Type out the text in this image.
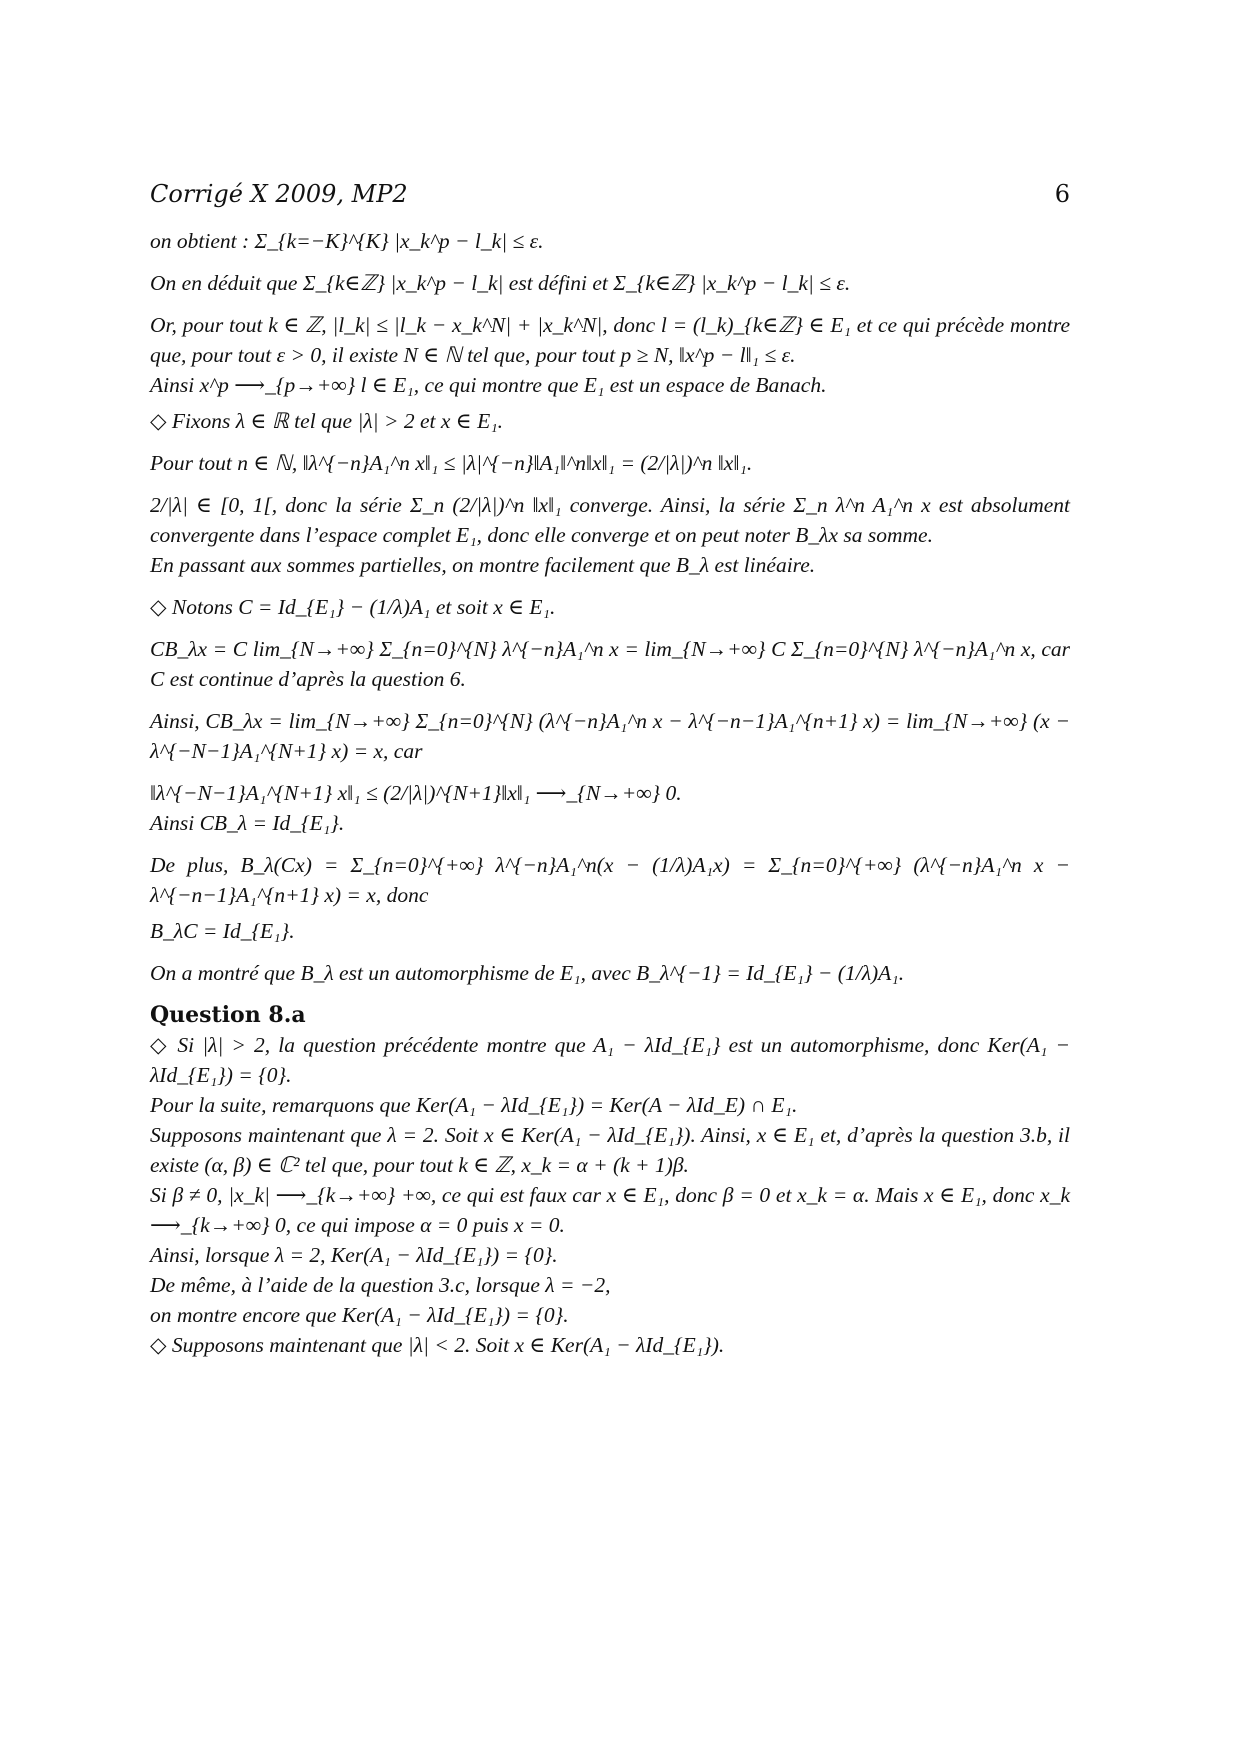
Corrigé X 2009, MP2	6

on obtient : Σ_{k=−K}^{K} |x_k^p − l_k| ≤ ε.

On en déduit que Σ_{k∈ℤ} |x_k^p − l_k| est défini et Σ_{k∈ℤ} |x_k^p − l_k| ≤ ε.

Or, pour tout k ∈ ℤ, |l_k| ≤ |l_k − x_k^N| + |x_k^N|, donc l = (l_k)_{k∈ℤ} ∈ E₁ et ce qui précède montre que, pour tout ε > 0, il existe N ∈ ℕ tel que, pour tout p ≥ N, ‖x^p − l‖₁ ≤ ε.

Ainsi x^p ⟶_{p→+∞} l ∈ E₁, ce qui montre que E₁ est un espace de Banach.

◇ Fixons λ ∈ ℝ tel que |λ| > 2 et x ∈ E₁.

Pour tout n ∈ ℕ, ‖λ^{−n}A₁^n x‖₁ ≤ |λ|^{−n}‖A₁‖^n‖x‖₁ = (2/|λ|)^n ‖x‖₁.

2/|λ| ∈ [0, 1[, donc la série Σ_n (2/|λ|)^n ‖x‖₁ converge. Ainsi, la série Σ_n λ^n A₁^n x est absolument convergente dans l’espace complet E₁, donc elle converge et on peut noter B_λx sa somme.

En passant aux sommes partielles, on montre facilement que B_λ est linéaire.

◇ Notons C = Id_{E₁} − (1/λ)A₁ et soit x ∈ E₁.

CB_λx = C lim_{N→+∞} Σ_{n=0}^{N} λ^{−n}A₁^n x = lim_{N→+∞} C Σ_{n=0}^{N} λ^{−n}A₁^n x, car C est continue d’après la question 6.

Ainsi, CB_λx = lim_{N→+∞} Σ_{n=0}^{N} (λ^{−n}A₁^n x − λ^{−n−1}A₁^{n+1} x) = lim_{N→+∞} (x − λ^{−N−1}A₁^{N+1} x) = x, car

‖λ^{−N−1}A₁^{N+1} x‖₁ ≤ (2/|λ|)^{N+1}‖x‖₁ ⟶_{N→+∞} 0.

Ainsi CB_λ = Id_{E₁}.

De plus, B_λ(Cx) = Σ_{n=0}^{+∞} λ^{−n}A₁^n(x − (1/λ)A₁x) = Σ_{n=0}^{+∞} (λ^{−n}A₁^n x − λ^{−n−1}A₁^{n+1} x) = x, donc

B_λC = Id_{E₁}.

On a montré que B_λ est un automorphisme de E₁, avec B_λ^{−1} = Id_{E₁} − (1/λ)A₁.

Question 8.a

◇ Si |λ| > 2, la question précédente montre que A₁ − λId_{E₁} est un automorphisme, donc Ker(A₁ − λId_{E₁}) = {0}.

Pour la suite, remarquons que Ker(A₁ − λId_{E₁}) = Ker(A − λId_E) ∩ E₁.

Supposons maintenant que λ = 2. Soit x ∈ Ker(A₁ − λId_{E₁}). Ainsi, x ∈ E₁ et, d’après la question 3.b, il existe (α, β) ∈ ℂ² tel que, pour tout k ∈ ℤ, x_k = α + (k + 1)β.

Si β ≠ 0, |x_k| ⟶_{k→+∞} +∞, ce qui est faux car x ∈ E₁, donc β = 0 et x_k = α. Mais x ∈ E₁, donc x_k ⟶_{k→+∞} 0, ce qui impose α = 0 puis x = 0.

Ainsi, lorsque λ = 2, Ker(A₁ − λId_{E₁}) = {0}.

De même, à l’aide de la question 3.c, lorsque λ = −2,

on montre encore que Ker(A₁ − λId_{E₁}) = {0}.

◇ Supposons maintenant que |λ| < 2. Soit x ∈ Ker(A₁ − λId_{E₁}).
